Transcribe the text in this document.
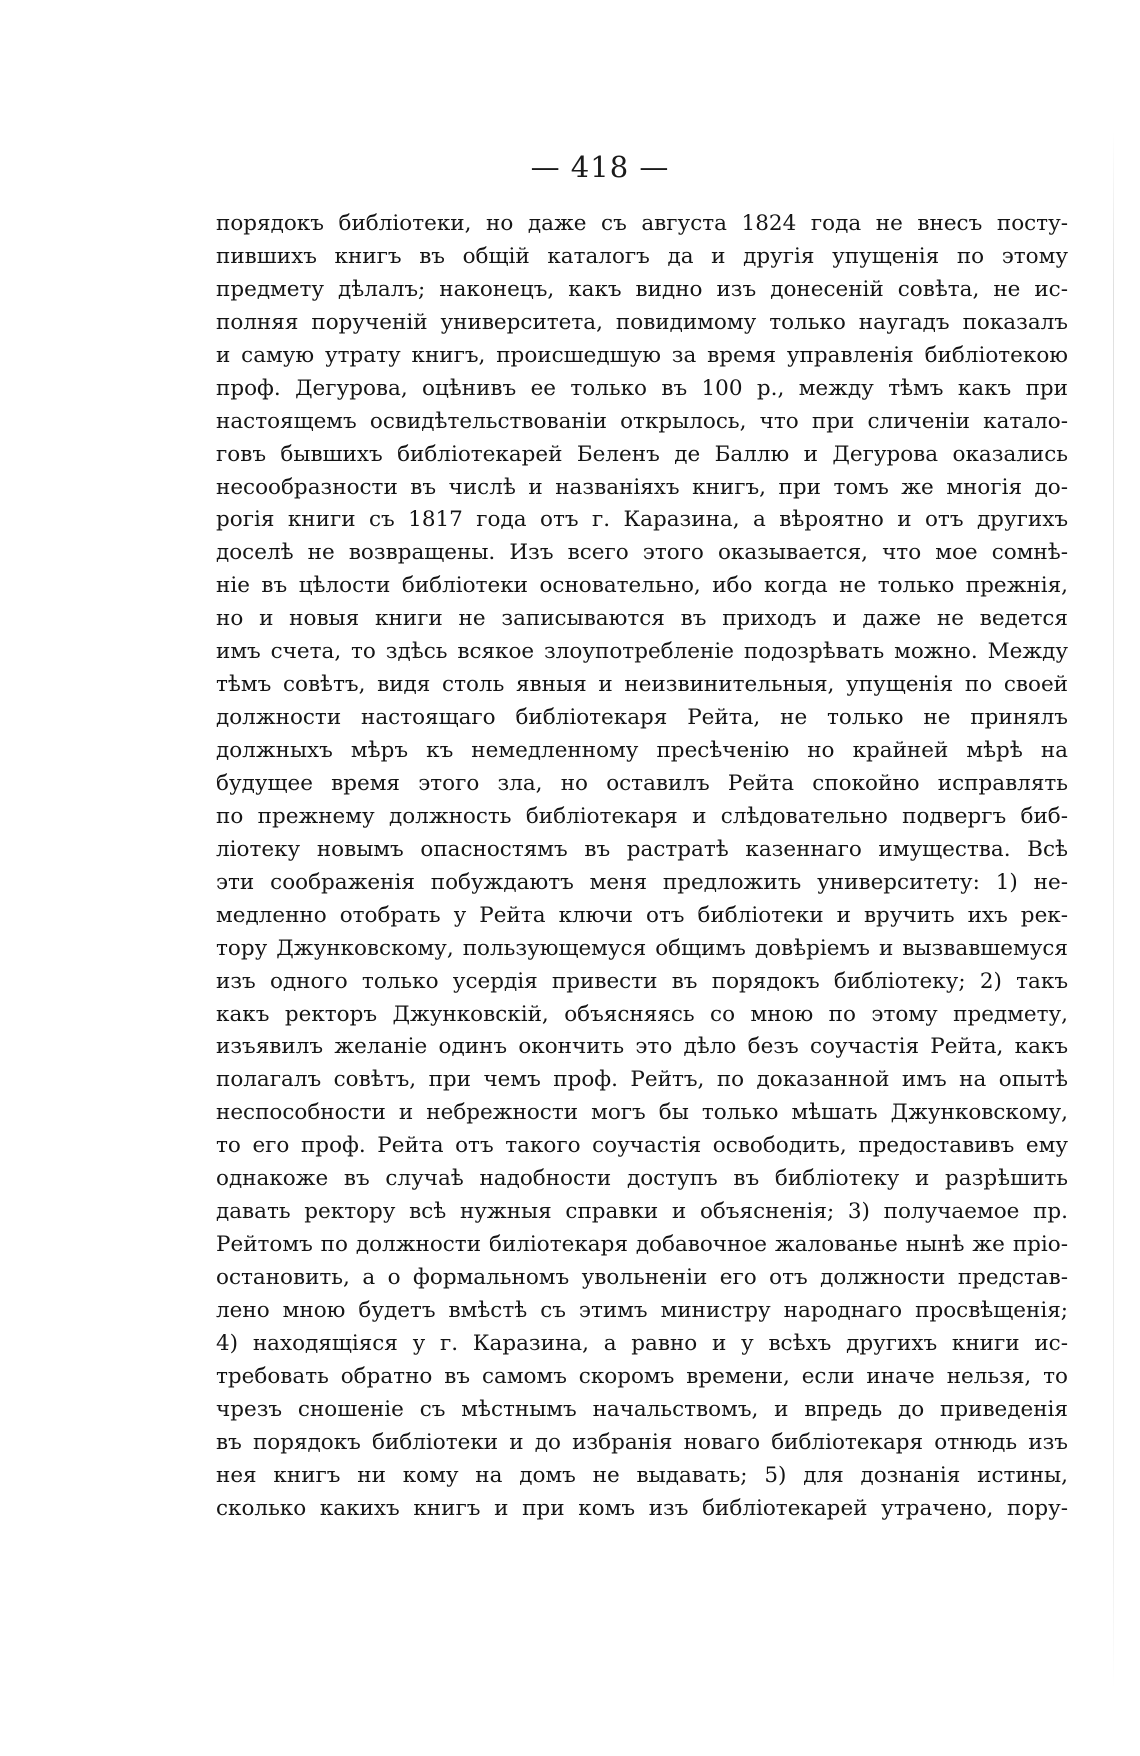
— 418 —
порядокъ библіотеки, но даже съ августа 1824 года не внесъ посту-
пившихъ книгъ въ общій каталогъ да и другія упущенія по этому
предмету дѣлалъ; наконецъ, какъ видно изъ донесеній совѣта, не ис-
полняя порученій университета, повидимому только наугадъ показалъ
и самую утрату книгъ, происшедшую за время управленія библіотекою
проф. Дегурова, оцѣнивъ ее только въ 100 р., между тѣмъ какъ при
настоящемъ освидѣтельствованіи открылось, что при сличеніи катало-
говъ бывшихъ библіотекарей Беленъ де Баллю и Дегурова оказались
несообразности въ числѣ и названіяхъ книгъ, при томъ же многія до-
рогія книги съ 1817 года отъ г. Каразина, а вѣроятно и отъ другихъ
доселѣ не возвращены. Изъ всего этого оказывается, что мое сомнѣ-
ніе въ цѣлости библіотеки основательно, ибо когда не только прежнія,
но и новыя книги не записываются въ приходъ и даже не ведется
имъ счета, то здѣсь всякое злоупотребленіе подозрѣвать можно. Между
тѣмъ совѣтъ, видя столь явныя и неизвинительныя, упущенія по своей
должности настоящаго библіотекаря Рейта, не только не принялъ
должныхъ мѣръ къ немедленному пресѣченію но крайней мѣрѣ на
будущее время этого зла, но оставилъ Рейта спокойно исправлять
по прежнему должность библіотекаря и слѣдовательно подвергъ биб-
ліотеку новымъ опасностямъ въ растратѣ казеннаго имущества. Всѣ
эти соображенія побуждаютъ меня предложить университету: 1) не-
медленно отобрать у Рейта ключи отъ библіотеки и вручить ихъ рек-
тору Джунковскому, пользующемуся общимъ довѣріемъ и вызвавшемуся
изъ одного только усердія привести въ порядокъ библіотеку; 2) такъ
какъ ректоръ Джунковскій, объясняясь со мною по этому предмету,
изъявилъ желаніе одинъ окончить это дѣло безъ соучастія Рейта, какъ
полагалъ совѣтъ, при чемъ проф. Рейтъ, по доказанной имъ на опытѣ
неспособности и небрежности могъ бы только мѣшать Джунковскому,
то его проф. Рейта отъ такого соучастія освободить, предоставивъ ему
однакоже въ случаѣ надобности доступъ въ библіотеку и разрѣшить
давать ректору всѣ нужныя справки и объясненія; 3) получаемое пр.
Рейтомъ по должности биліотекаря добавочное жалованье нынѣ же пріо-
остановить, а о формальномъ увольненіи его отъ должности представ-
лено мною будетъ вмѣстѣ съ этимъ министру народнаго просвѣщенія;
4) находящіяся у г. Каразина, а равно и у всѣхъ другихъ книги ис-
требовать обратно въ самомъ скоромъ времени, если иначе нельзя, то
чрезъ сношеніе съ мѣстнымъ начальствомъ, и впредь до приведенія
въ порядокъ библіотеки и до избранія новаго библіотекаря отнюдь изъ
нея книгъ ни кому на домъ не выдавать; 5) для дознанія истины,
сколько какихъ книгъ и при комъ изъ библіотекарей утрачено, пору-
